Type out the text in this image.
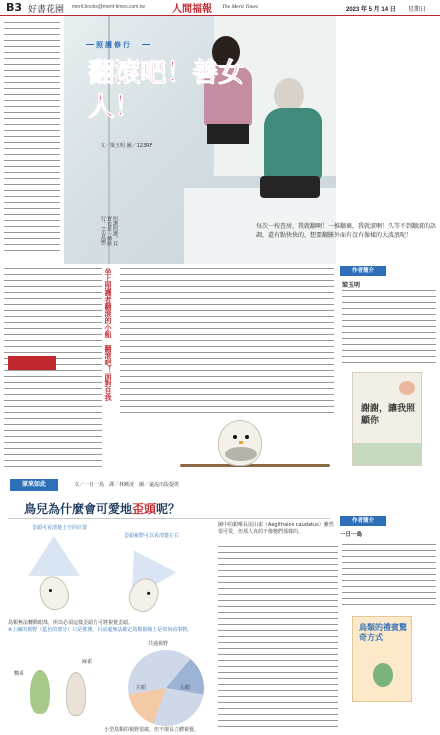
B3 好書花園 merit.books@merit-times.com.tw	人間福報 The Merit Times	2023 年 5 月 14 日 星期日
照護修行
翻滾吧！善女人！
文／梁玉明 圖／123RF
照護照護，其實也是一種修行。（示意圖）	每次一按查房，我就翻啊！一推翻棄，我就滾啊！久等不到翻滾的語調，還有點快快的，想要翻騰外面有沒有像樣的大波浪呢！
坐上照護者翻滾的小船　翻滾吧！面對自我	作者簡介
梁玉明
謝謝，讓我照顧你
作者簡介
一日一鳥
鳥類的禮賓驚奇方式
原來如此	文／一日一鳥　譯／林曉凌　圖／遠流出版提供
鳥兒為什麼會可愛地歪頭呢？
歪頭可看清楚上空的位置
歪頭視野可以看清楚左右
鳥類無法轉動眼珠，所以必須這樣歪頭方可將視覺歪頭。
※上圖的視野（藍色的部分）只是推測，目前還無法確定鳥類視線上是如何看事物。
鸚哥
麻雀
共通視野
左眼	右眼
小型鳥類的視野很廣，但不擅長立體視覺。
圖中的銀喉長尾山雀（Aegithalos caudatus）雖然很可愛，但那人真的不像牠們那樣的。
